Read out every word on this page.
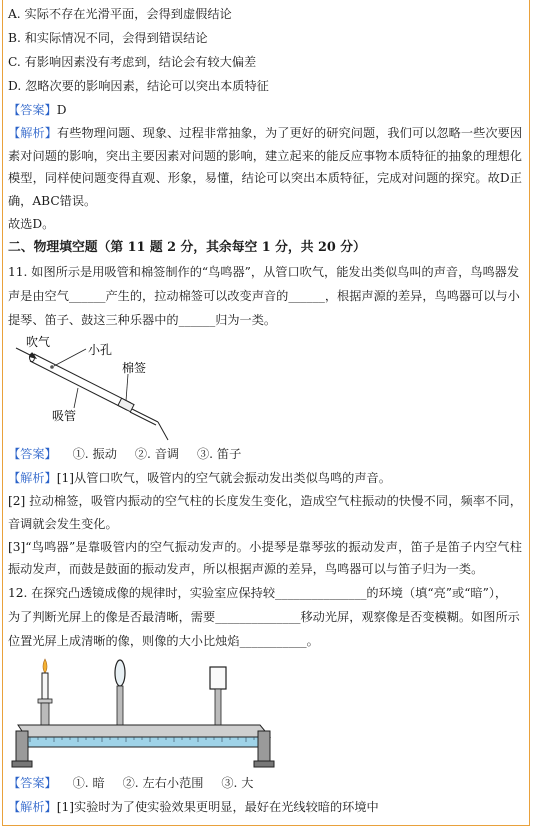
A. 实际不存在光滑平面，会得到虚假结论

B. 和实际情况不同，会得到错误结论

C. 有影响因素没有考虑到，结论会有较大偏差

D. 忽略次要的影响因素，结论可以突出本质特征

【答案】D

【解析】有些物理问题、现象、过程非常抽象，为了更好的研究问题，我们可以忽略一些次要因素对问题的影响，突出主要因素对问题的影响，建立起来的能反应事物本质特征的抽象的理想化模型，同样使问题变得直观、形象，易懂，结论可以突出本质特征，完成对问题的探究。故D正确，ABC错误。

故选D。

二、物理填空题（第 11 题 2 分，其余每空 1 分，共 20 分）

11. 如图所示是用吸管和棉签制作的“鸟鸣器”，从管口吹气，能发出类似鸟叫的声音，鸟鸣器发

声是由空气______产生的，拉动棉签可以改变声音的______，根据声源的差异，鸟鸣器可以与小

提琴、笛子、鼓这三种乐器中的______归为一类。

吹气
小孔
棉签
吸管

【答案】 ①. 振动 ②. 音调 ③. 笛子

【解析】[1]从管口吹气，吸管内的空气就会振动发出类似鸟鸣的声音。

[2] 拉动棉签，吸管内振动的空气柱的长度发生变化，造成空气柱振动的快慢不同，频率不同，音调就会发生变化。

[3]“鸟鸣器”是靠吸管内的空气振动发声的。小提琴是靠琴弦的振动发声，笛子是笛子内空气柱振动发声，而鼓是鼓面的振动发声，所以根据声源的差异，鸟鸣器可以与笛子归为一类。

12. 在探究凸透镜成像的规律时，实验室应保持较_______________的环境（填“亮”或“暗”），

为了判断光屏上的像是否最清晰，需要______________移动光屏，观察像是否变模糊。如图所示

位置光屏上成清晰的像，则像的大小比烛焰___________。

【答案】 ①. 暗 ②. 左右小范围 ③. 大

【解析】[1]实验时为了使实验效果更明显，最好在光线较暗的环境中
